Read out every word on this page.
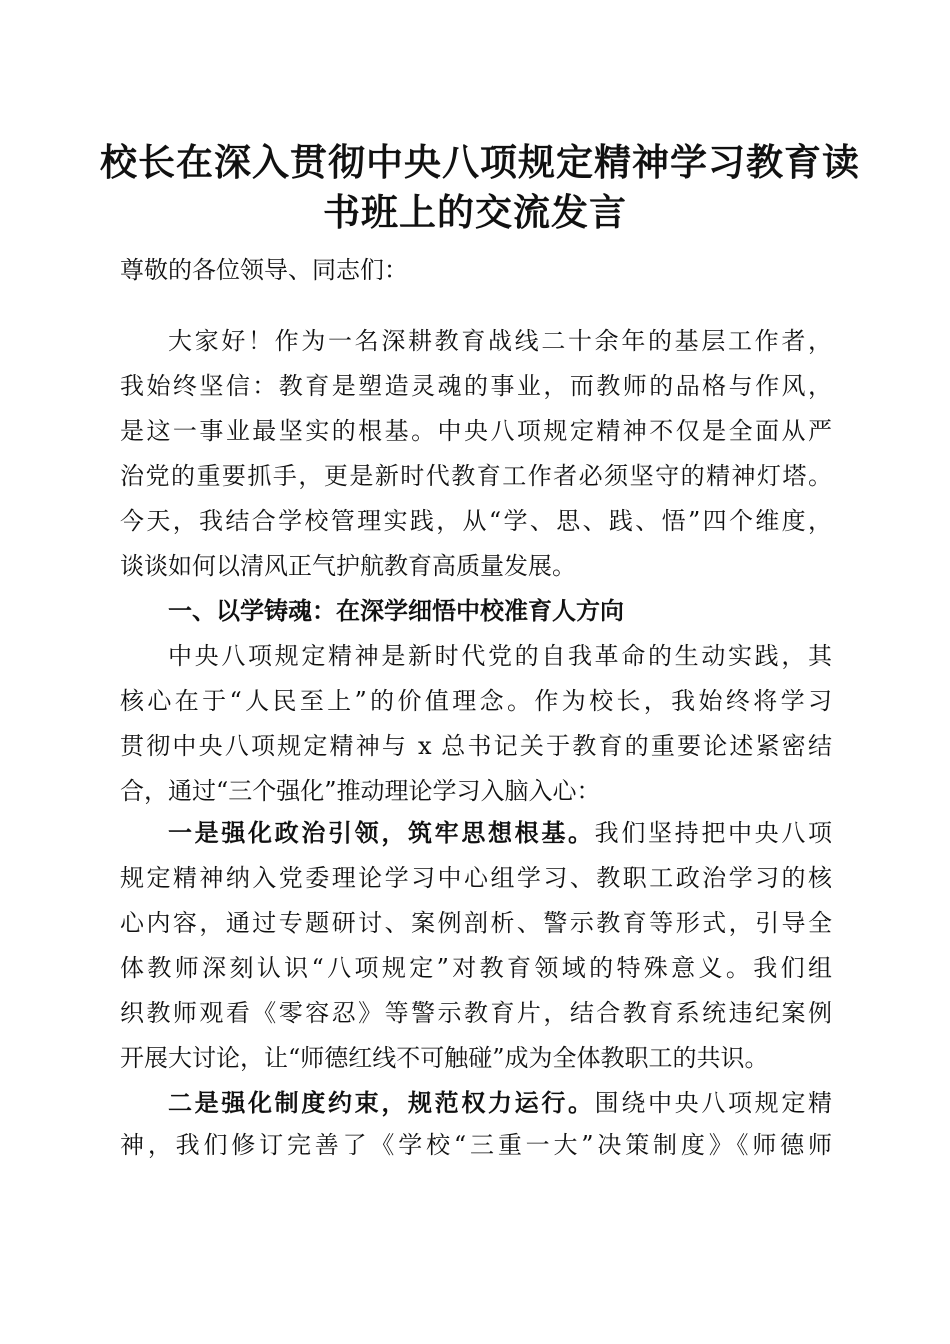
校长在深入贯彻中央八项规定精神学习教育读
书班上的交流发言
尊敬的各位领导、同志们：
大家好！作为一名深耕教育战线二十余年的基层工作者，
我始终坚信：教育是塑造灵魂的事业，而教师的品格与作风，
是这一事业最坚实的根基。中央八项规定精神不仅是全面从严
治党的重要抓手，更是新时代教育工作者必须坚守的精神灯塔。
今天，我结合学校管理实践，从“学、思、践、悟”四个维度，
谈谈如何以清风正气护航教育高质量发展。
一、以学铸魂：在深学细悟中校准育人方向
中央八项规定精神是新时代党的自我革命的生动实践，其
核心在于“人民至上”的价值理念。作为校长，我始终将学习
贯彻中央八项规定精神与 x 总书记关于教育的重要论述紧密结
合，通过“三个强化”推动理论学习入脑入心：
一是强化政治引领，筑牢思想根基。我们坚持把中央八项
规定精神纳入党委理论学习中心组学习、教职工政治学习的核
心内容，通过专题研讨、案例剖析、警示教育等形式，引导全
体教师深刻认识“八项规定”对教育领域的特殊意义。我们组
织教师观看《零容忍》等警示教育片，结合教育系统违纪案例
开展大讨论，让“师德红线不可触碰”成为全体教职工的共识。
二是强化制度约束，规范权力运行。围绕中央八项规定精
神，我们修订完善了《学校“三重一大”决策制度》《师德师
